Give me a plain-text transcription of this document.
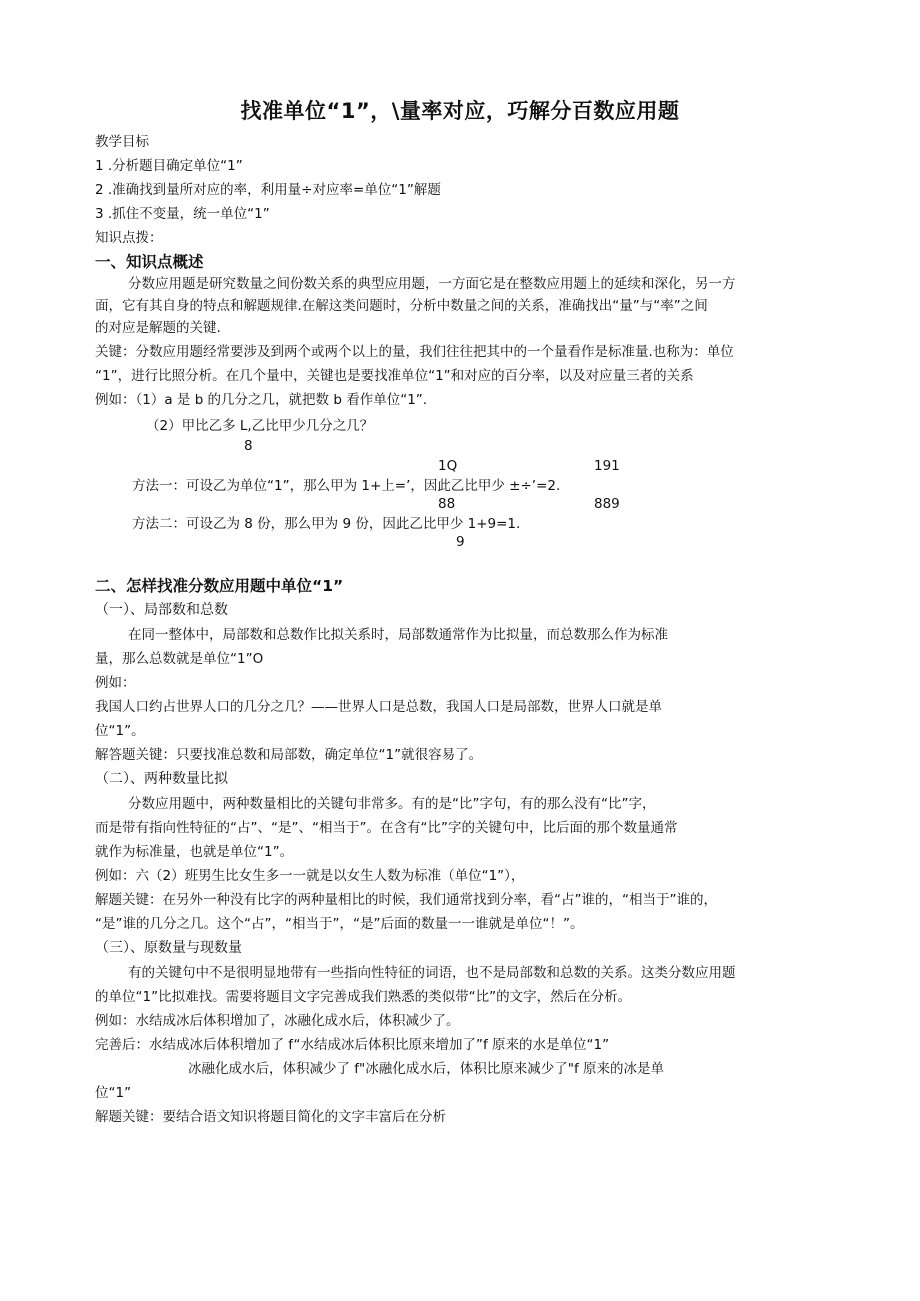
找准单位“1”，\量率对应，巧解分百数应用题
教学目标
1 .分析题目确定单位“1”
2 .准确找到量所对应的率，利用量÷对应率=单位“1”解题
3 .抓住不变量，统一单位“1”
知识点拨：
一、知识点概述
分数应用题是研究数量之间份数关系的典型应用题，一方面它是在整数应用题上的延续和深化，另一方
面，它有其自身的特点和解题规律.在解这类问题时，分析中数量之间的关系，准确找出“量”与“率”之间
的对应是解题的关键.
关键：分数应用题经常要涉及到两个或两个以上的量，我们往往把其中的一个量看作是标准量.也称为：单位
“1”，进行比照分析。在几个量中，关键也是要找准单位“1”和对应的百分率，以及对应量三者的关系
例如：（1）a 是 b 的几分之几，就把数 b 看作单位“1”.
（2）甲比乙多 L,乙比甲少几分之几？
8
1Q	191
方法一：可设乙为单位“1”，那么甲为 1+上=’，因此乙比甲少 ±÷’=2.
88	889
方法二：可设乙为 8 份，那么甲为 9 份，因此乙比甲少 1+9=1.
9
二、怎样找准分数应用题中单位“1”
（一）、局部数和总数
在同一整体中，局部数和总数作比拟关系时，局部数通常作为比拟量，而总数那么作为标准
量，那么总数就是单位“1”O
例如：
我国人口约占世界人口的几分之几？——世界人口是总数，我国人口是局部数，世界人口就是单
位“1”。
解答题关键：只要找准总数和局部数，确定单位“1”就很容易了。
（二）、两种数量比拟
分数应用题中，两种数量相比的关键句非常多。有的是“比”字句，有的那么没有“比”字，
而是带有指向性特征的“占”、“是”、“相当于”。在含有“比”字的关键句中，比后面的那个数量通常
就作为标准量，也就是单位“1”。
例如：六（2）班男生比女生多一一就是以女生人数为标准（单位“1”），
解题关键：在另外一种没有比字的两种量相比的时候，我们通常找到分率，看“占”谁的，“相当于”谁的，
“是”谁的几分之几。这个“占”，“相当于”，“是”后面的数量一一谁就是单位“！”。
（三）、原数量与现数量
有的关键句中不是很明显地带有一些指向性特征的词语，也不是局部数和总数的关系。这类分数应用题
的单位“1”比拟难找。需要将题目文字完善成我们熟悉的类似带“比”的文字，然后在分析。
例如：水结成冰后体积增加了，冰融化成水后，体积减少了。
完善后：水结成冰后体积增加了 f“水结成冰后体积比原来增加了”f 原来的水是单位“1”
冰融化成水后，体积减少了 f"冰融化成水后，体积比原来减少了"f 原来的冰是单
位“1”
解题关键：要结合语文知识将题目简化的文字丰富后在分析
